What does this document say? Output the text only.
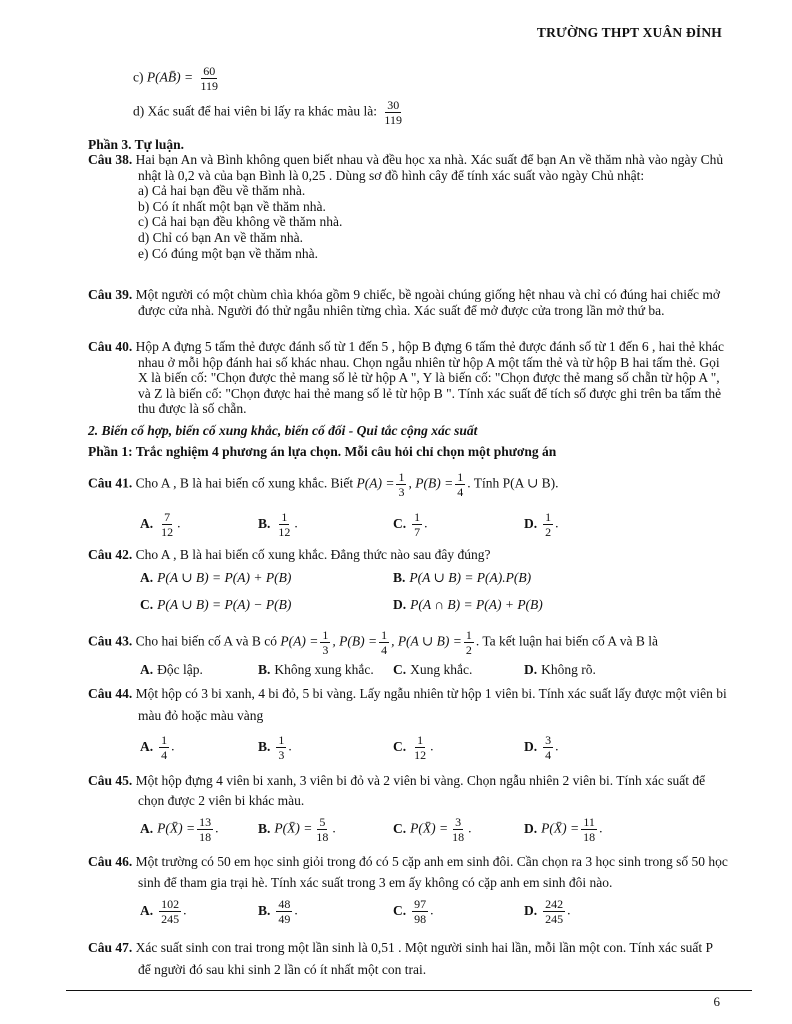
TRƯỜNG THPT XUÂN ĐỈNH
c) P(AB̄) = $\frac{60}{119}$
d) Xác suất để hai viên bi lấy ra khác màu là: $\frac{30}{119}$
Phần 3. Tự luận.
Câu 38. Hai bạn An và Bình không quen biết nhau và đều học xa nhà. Xác suất để bạn An về thăm nhà vào ngày Chủ nhật là 0,2 và của bạn Bình là 0,25 . Dùng sơ đồ hình cây để tính xác suất vào ngày Chủ nhật:
a) Cả hai bạn đều về thăm nhà.
b) Có ít nhất một bạn về thăm nhà.
c) Cả hai bạn đều không về thăm nhà.
d) Chỉ có bạn An về thăm nhà.
e) Có đúng một bạn về thăm nhà.
Câu 39. Một người có một chùm chìa khóa gồm 9 chiếc, bề ngoài chúng giống hệt nhau và chỉ có đúng hai chiếc mở được cửa nhà. Người đó thử ngẫu nhiên từng chìa. Xác suất để mở được cửa trong lần mở thứ ba.
Câu 40. Hộp A đựng 5 tấm thẻ được đánh số từ 1 đến 5 , hộp B đựng 6 tấm thẻ được đánh số từ 1 đến 6 , hai thẻ khác nhau ở mỗi hộp đánh hai số khác nhau. Chọn ngẫu nhiên từ hộp A một tấm thẻ và từ hộp B hai tấm thẻ. Gọi X là biến cố: "Chọn được thẻ mang số lẻ từ hộp A ", Y là biến cố: "Chọn được thẻ mang số chẵn từ hộp A ", và Z là biến cố: "Chọn được hai thẻ mang số lẻ từ hộp B ". Tính xác suất để tích số được ghi trên ba tấm thẻ thu được là số chẵn.
2. Biến cố hợp, biến cố xung khắc, biến cố đối - Qui tắc cộng xác suất
Phần 1: Trắc nghiệm 4 phương án lựa chọn. Mỗi câu hỏi chỉ chọn một phương án
Câu 41. Cho A , B là hai biến cố xung khắc. Biết $P(A) = \frac{1}{3}$ , $P(B) = \frac{1}{4}$ . Tính P(A ∪ B).
A. $\frac{7}{12}$ .	B. $\frac{1}{12}$ .	C. $\frac{1}{7}$ .	D. $\frac{1}{2}$ .
Câu 42. Cho A , B là hai biến cố xung khắc. Đẳng thức nào sau đây đúng?
A. P(A ∪ B) = P(A) + P(B)	B. P(A ∪ B) = P(A).P(B)
C. P(A ∪ B) = P(A) − P(B)	D. P(A ∩ B) = P(A) + P(B)
Câu 43. Cho hai biến cố A và B có $P(A) = \frac{1}{3}$ , $P(B) = \frac{1}{4}$ , P(A ∪ $B) = \frac{1}{2}$ . Ta kết luận hai biến cố A và B là
A. Độc lập.	B. Không xung khắc. C. Xung khắc.	D. Không rõ.
Câu 44. Một hộp có 3 bi xanh, 4 bi đỏ, 5 bi vàng. Lấy ngẫu nhiên từ hộp 1 viên bi. Tính xác suất lấy được một viên bi màu đỏ hoặc màu vàng
A. $\frac{1}{4}$ .	B. $\frac{1}{3}$ .	C. $\frac{1}{12}$ .	D. $\frac{3}{4}$ .
Câu 45. Một hộp đựng 4 viên bi xanh, 3 viên bi đỏ và 2 viên bi vàng. Chọn ngẫu nhiên 2 viên bi. Tính xác suất để chọn được 2 viên bi khác màu.
A. P(X̄) = $\frac{13}{18}$ .	B. P(X̄) = $\frac{5}{18}$ .	C. P(X̄) = $\frac{3}{18}$ .	D. P(X̄) = $\frac{11}{18}$ .
Câu 46. Một trường có 50 em học sinh giỏi trong đó có 5 cặp anh em sinh đôi. Cần chọn ra 3 học sinh trong số 50 học sinh để tham gia trại hè. Tính xác suất trong 3 em ấy không có cặp anh em sinh đôi nào.
A. $\frac{102}{245}$ .	B. $\frac{48}{49}$ .	C. $\frac{97}{98}$ .	D. $\frac{242}{245}$ .
Câu 47. Xác suất sinh con trai trong một lần sinh là 0,51 . Một người sinh hai lần, mỗi lần một con. Tính xác suất P để người đó sau khi sinh 2 lần có ít nhất một con trai.
6
